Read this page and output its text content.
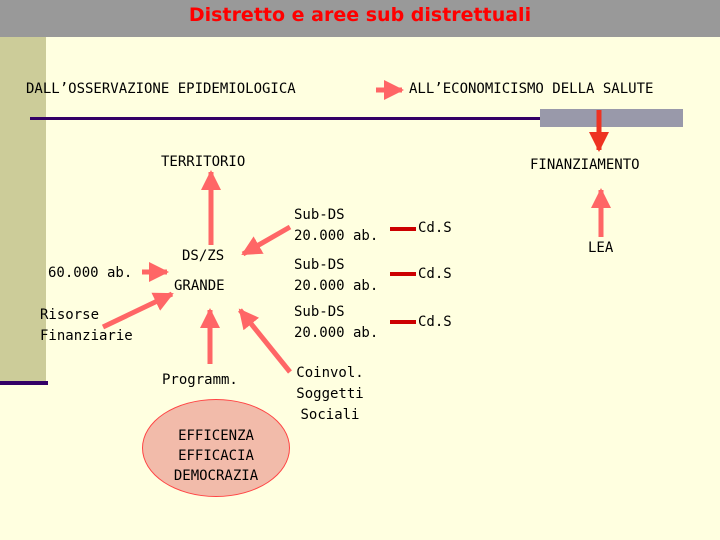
Distretto e aree sub distrettuali
DALL’OSSERVAZIONE EPIDEMIOLOGICA	ALL’ECONOMICISMO DELLA SALUTE
TERRITORIO	FINANZIAMENTO
DS/ZS
GRANDE
60.000 ab.
Risorse
Finanziarie
Sub-DS
20.000 ab.
Sub-DS
20.000 ab.
Sub-DS
20.000 ab.
Cd.S
Cd.S
Cd.S
LEA
Programm.	Coinvol.
Soggetti
Sociali
EFFICENZA
EFFICACIA
DEMOCRAZIA
